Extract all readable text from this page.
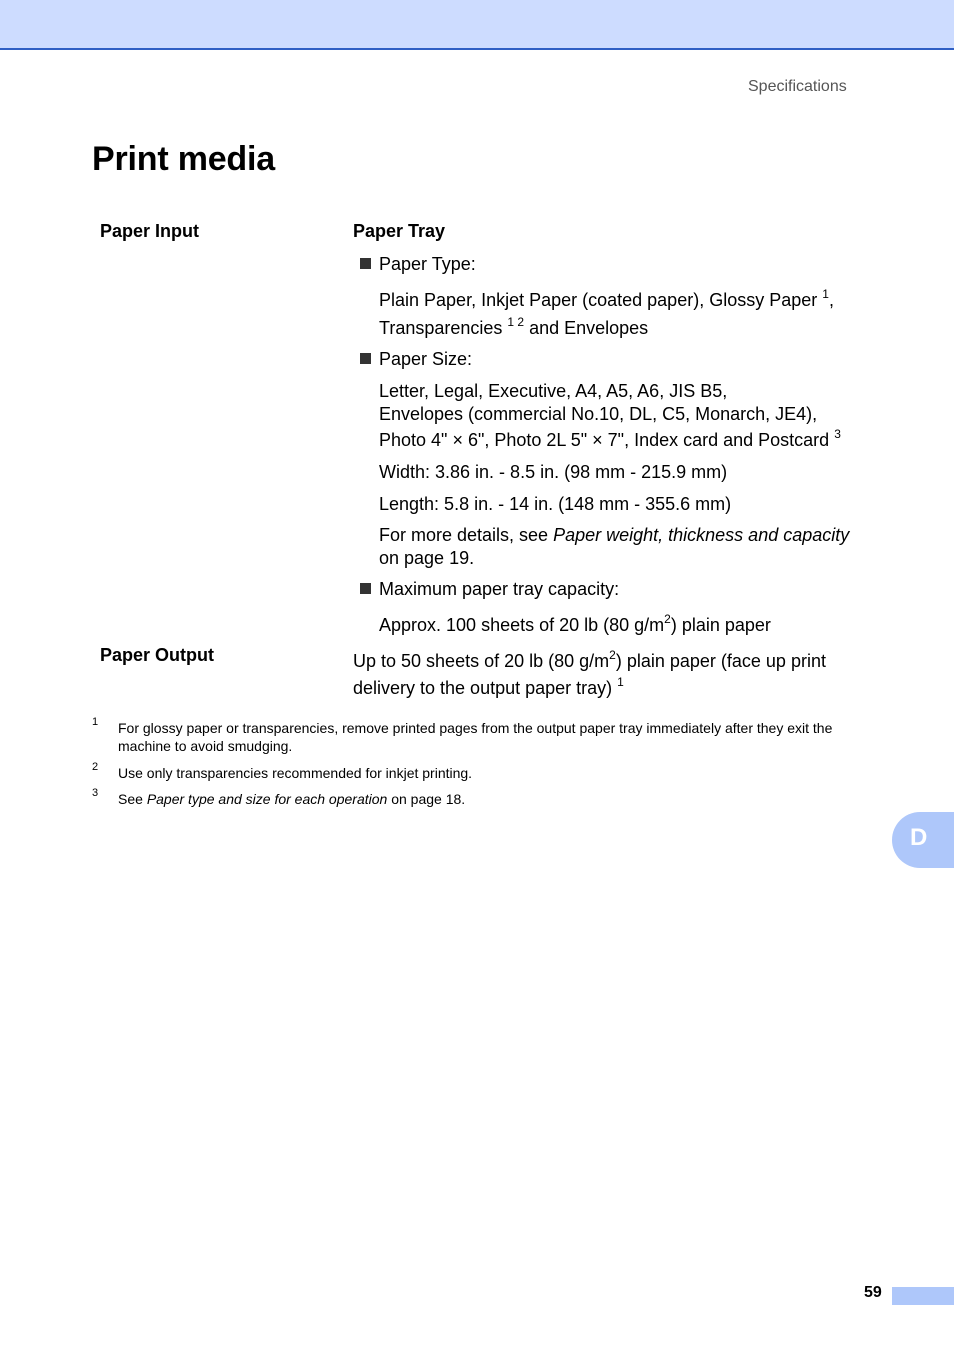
Specifications
Print media
Paper Input	Paper Tray
Paper Type:
Plain Paper, Inkjet Paper (coated paper), Glossy Paper $^1$,
Transparencies $^{1 2}$ and Envelopes
Paper Size:
Letter, Legal, Executive, A4, A5, A6, JIS B5,
Envelopes (commercial No.10, DL, C5, Monarch, JE4),
Photo 4" × 6", Photo 2L 5" × 7", Index card and Postcard $^3$
Width: 3.86 in. - 8.5 in. (98 mm - 215.9 mm)
Length: 5.8 in. - 14 in. (148 mm - 355.6 mm)
For more details, see Paper weight, thickness and capacity
on page 19.
Maximum paper tray capacity:
Approx. 100 sheets of 20 lb (80 $g/m^2$) plain paper
Paper Output	Up to 50 sheets of 20 lb (80 $g/m^2$) plain paper (face up print
delivery to the output paper tray) $^1$
1 For glossy paper or transparencies, remove printed pages from the output paper tray immediately after they exit the
machine to avoid smudging.
2 Use only transparencies recommended for inkjet printing.
3 See Paper type and size for each operation on page 18.
D
59
